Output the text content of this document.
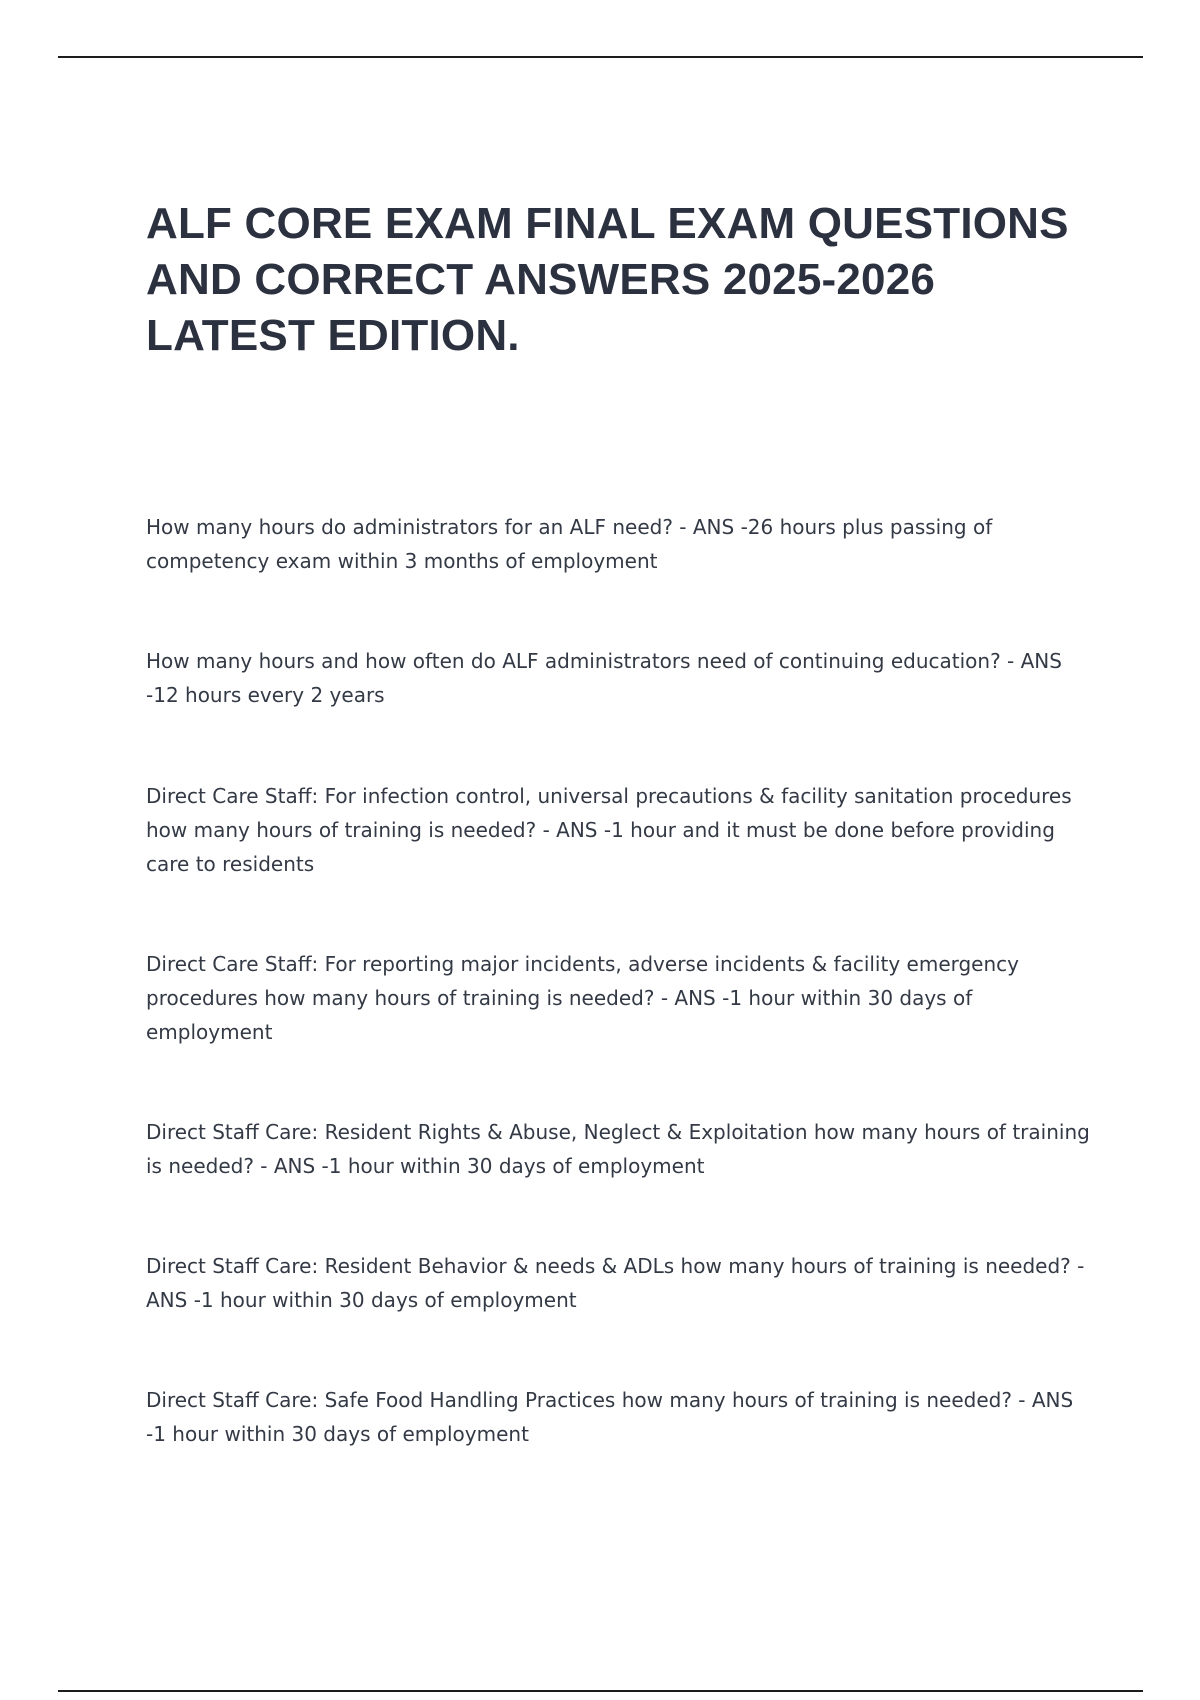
ALF CORE EXAM FINAL EXAM QUESTIONS AND CORRECT ANSWERS 2025-2026 LATEST EDITION.

How many hours do administrators for an ALF need? - ANS -26 hours plus passing of competency exam within 3 months of employment

How many hours and how often do ALF administrators need of continuing education? - ANS -12 hours every 2 years

Direct Care Staff: For infection control, universal precautions & facility sanitation procedures how many hours of training is needed? - ANS -1 hour and it must be done before providing care to residents

Direct Care Staff: For reporting major incidents, adverse incidents & facility emergency procedures how many hours of training is needed? - ANS -1 hour within 30 days of employment

Direct Staff Care: Resident Rights & Abuse, Neglect & Exploitation how many hours of training is needed? - ANS -1 hour within 30 days of employment

Direct Staff Care: Resident Behavior & needs & ADLs how many hours of training is needed? - ANS -1 hour within 30 days of employment

Direct Staff Care: Safe Food Handling Practices how many hours of training is needed? - ANS -1 hour within 30 days of employment
